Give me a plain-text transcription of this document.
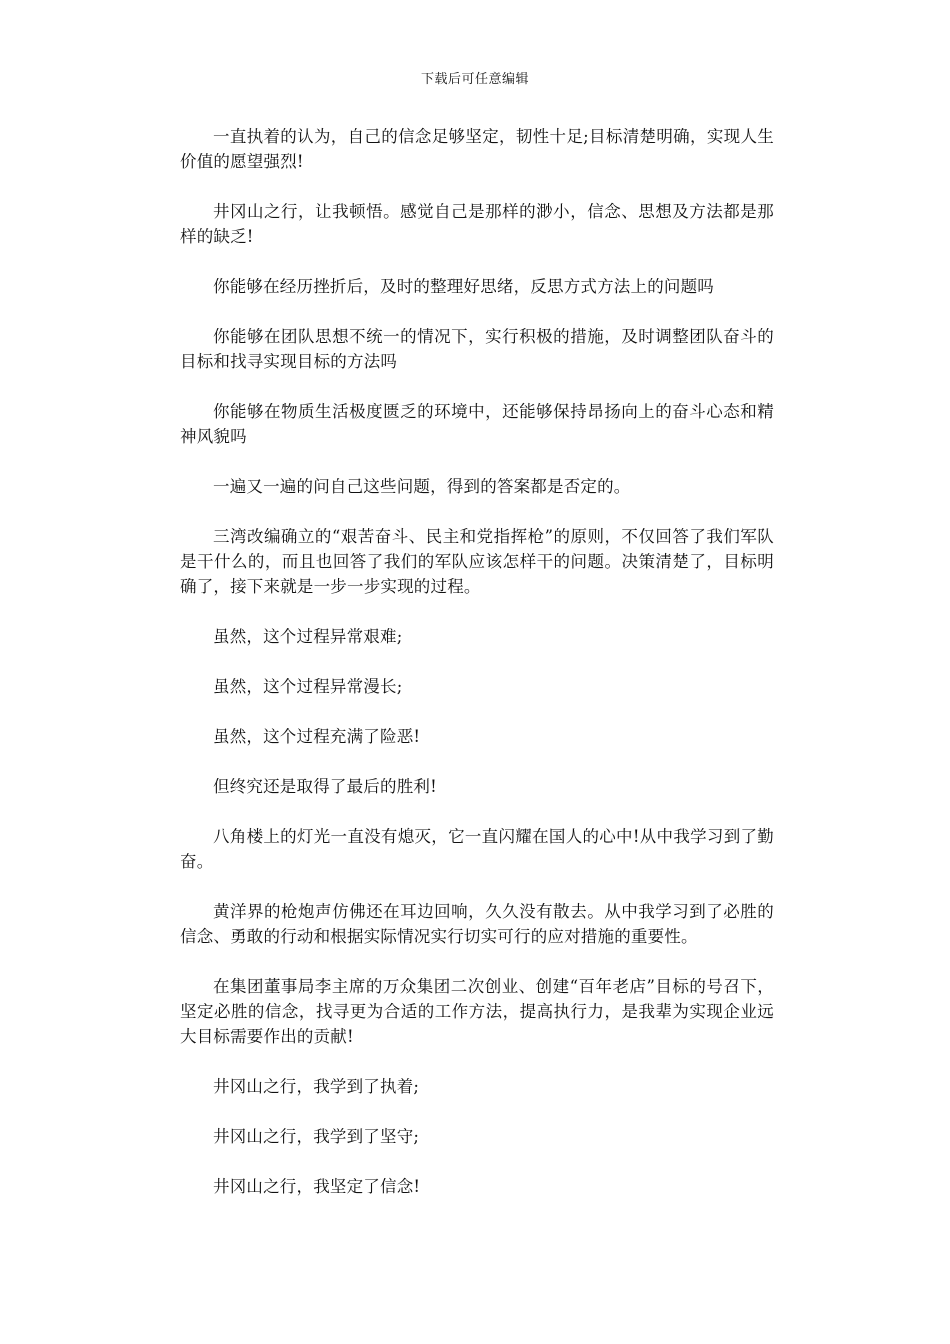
下载后可任意编辑

一直执着的认为，自己的信念足够坚定，韧性十足;目标清楚明确，实现人生价值的愿望强烈!

井冈山之行，让我顿悟。感觉自己是那样的渺小，信念、思想及方法都是那样的缺乏!

你能够在经历挫折后，及时的整理好思绪，反思方式方法上的问题吗

你能够在团队思想不统一的情况下，实行积极的措施，及时调整团队奋斗的目标和找寻实现目标的方法吗

你能够在物质生活极度匮乏的环境中，还能够保持昂扬向上的奋斗心态和精神风貌吗

一遍又一遍的问自己这些问题，得到的答案都是否定的。

三湾改编确立的“艰苦奋斗、民主和党指挥枪”的原则，不仅回答了我们军队是干什么的，而且也回答了我们的军队应该怎样干的问题。决策清楚了，目标明确了，接下来就是一步一步实现的过程。

虽然，这个过程异常艰难;

虽然，这个过程异常漫长;

虽然，这个过程充满了险恶!

但终究还是取得了最后的胜利!

八角楼上的灯光一直没有熄灭，它一直闪耀在国人的心中!从中我学习到了勤奋。

黄洋界的枪炮声仿佛还在耳边回响，久久没有散去。从中我学习到了必胜的信念、勇敢的行动和根据实际情况实行切实可行的应对措施的重要性。

在集团董事局李主席的万众集团二次创业、创建“百年老店”目标的号召下，坚定必胜的信念，找寻更为合适的工作方法，提高执行力，是我辈为实现企业远大目标需要作出的贡献!

井冈山之行，我学到了执着;

井冈山之行，我学到了坚守;

井冈山之行，我坚定了信念!
